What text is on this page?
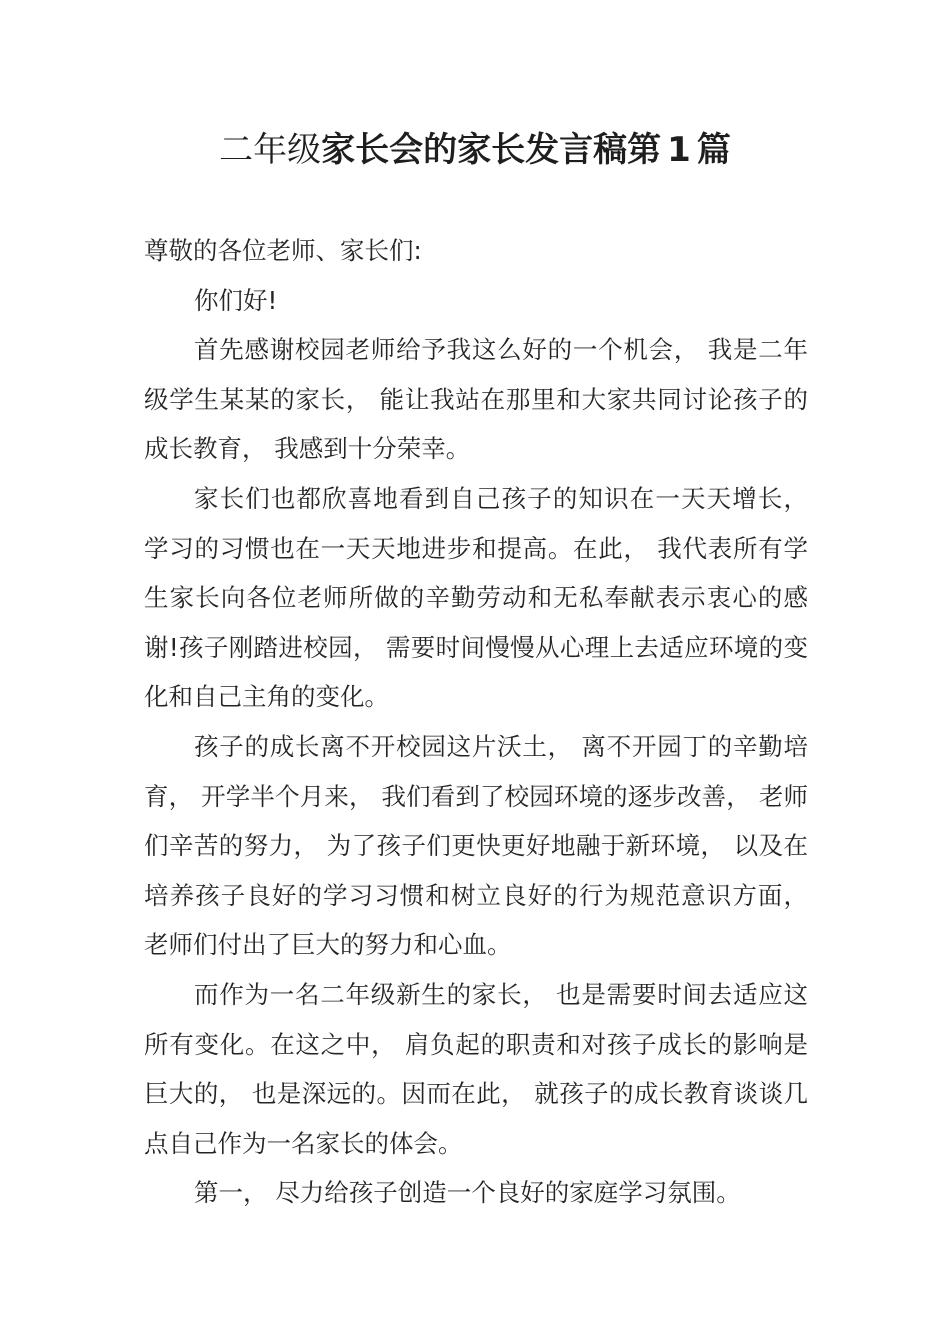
二年级家长会的家长发言稿第 1 篇

尊敬的各位老师、家长们:

你们好!

首先感谢校园老师给予我这么好的一个机会， 我是二年级学生某某的家长， 能让我站在那里和大家共同讨论孩子的成长教育， 我感到十分荣幸。

家长们也都欣喜地看到自己孩子的知识在一天天增长， 学习的习惯也在一天天地进步和提高。在此， 我代表所有学生家长向各位老师所做的辛勤劳动和无私奉献表示衷心的感谢!孩子刚踏进校园， 需要时间慢慢从心理上去适应环境的变化和自己主角的变化。

孩子的成长离不开校园这片沃土， 离不开园丁的辛勤培育， 开学半个月来， 我们看到了校园环境的逐步改善， 老师们辛苦的努力， 为了孩子们更快更好地融于新环境， 以及在培养孩子良好的学习习惯和树立良好的行为规范意识方面， 老师们付出了巨大的努力和心血。

而作为一名二年级新生的家长， 也是需要时间去适应这所有变化。在这之中， 肩负起的职责和对孩子成长的影响是巨大的， 也是深远的。因而在此， 就孩子的成长教育谈谈几点自己作为一名家长的体会。

第一， 尽力给孩子创造一个良好的家庭学习氛围。
